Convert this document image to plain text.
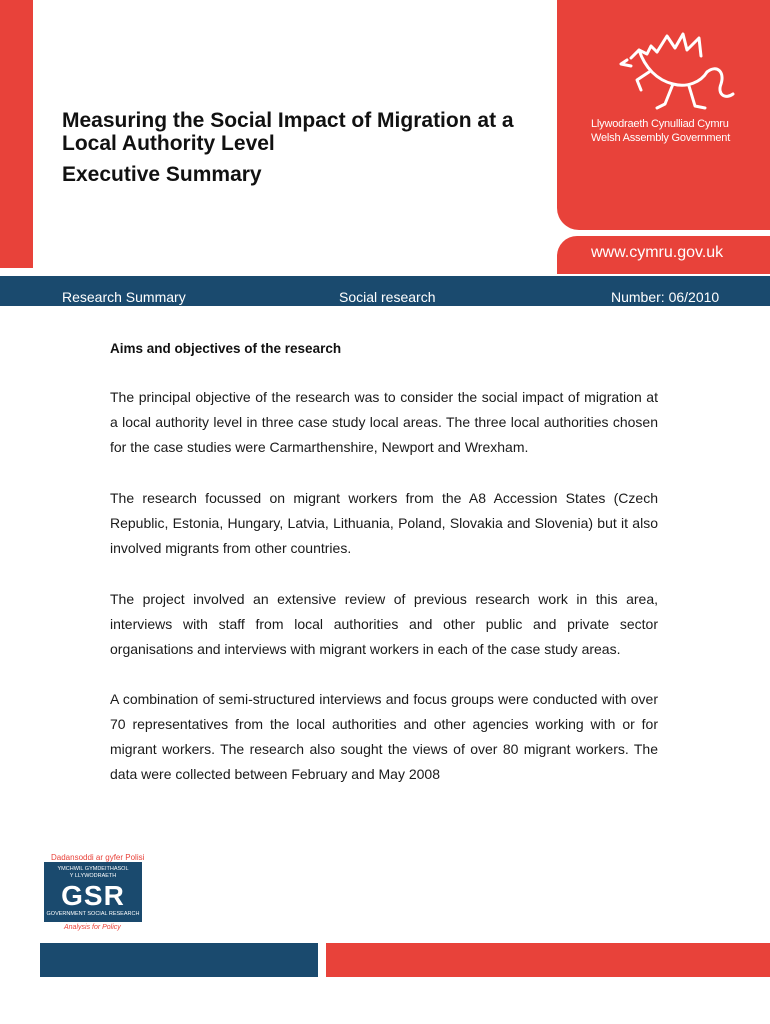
Llywodraeth Cynulliad Cymru
Welsh Assembly Government
www.cymru.gov.uk
Measuring the Social Impact of Migration at a Local Authority Level
Executive Summary
Research Summary	Social research	Number: 06/2010
Aims and objectives of the research

The principal objective of the research was to consider the social impact of migration at a local authority level in three case study local areas. The three local authorities chosen for the case studies were Carmarthenshire, Newport and Wrexham.

The research focussed on migrant workers from the A8 Accession States (Czech Republic, Estonia, Hungary, Latvia, Lithuania, Poland, Slovakia and Slovenia) but it also involved migrants from other countries.

The project involved an extensive review of previous research work in this area, interviews with staff from local authorities and other public and private sector organisations and interviews with migrant workers in each of the case study areas.

A combination of semi-structured interviews and focus groups were conducted with over 70 representatives from the local authorities and other agencies working with or for migrant workers. The research also sought the views of over 80 migrant workers. The data were collected between February and May 2008

Dadansoddi ar gyfer Polisi
YMCHWIL GYMDEITHASOL
Y LLYWODRAETH
GSR
GOVERNMENT SOCIAL RESEARCH
Analysis for Policy
